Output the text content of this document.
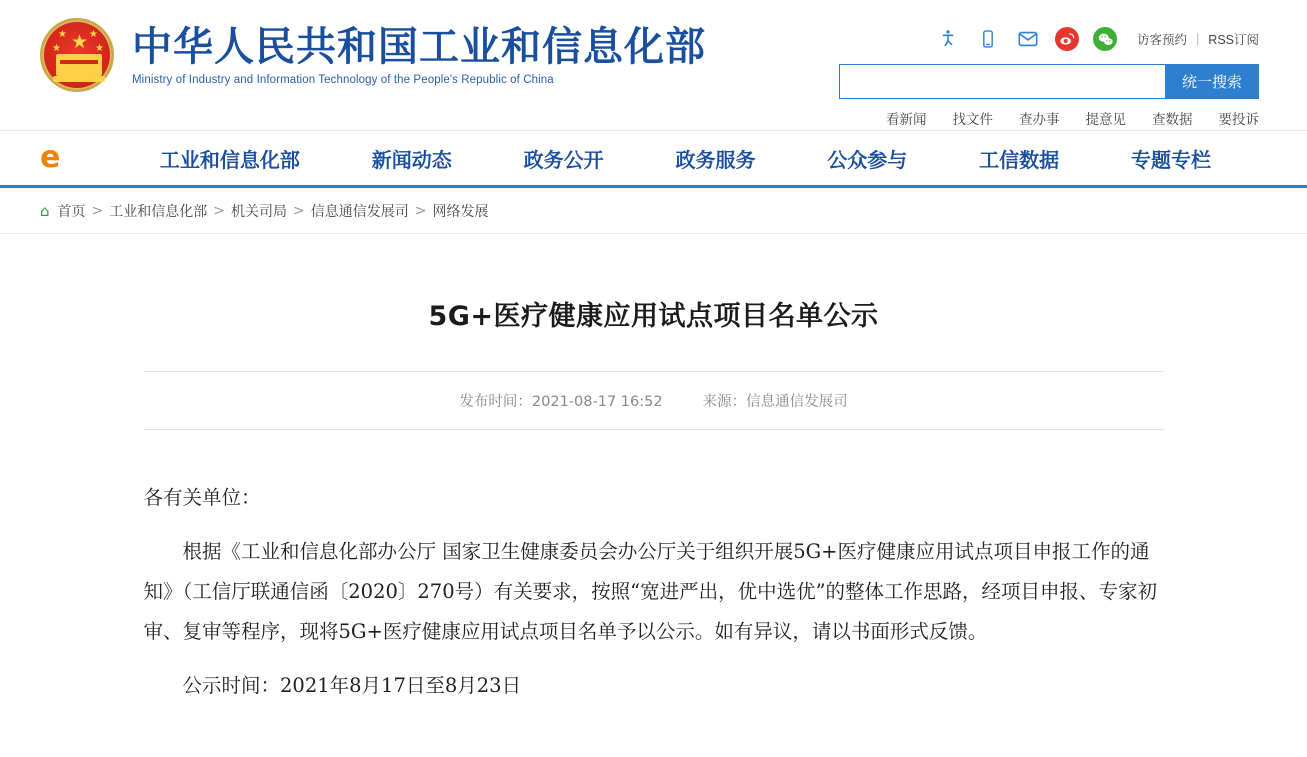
★
★ ★
★	★ 中华人民共和国工业和信息化部
Ministry of Industry and Information Technology of the People's Republic of China
访客预约 | RSS订阅
统一搜索
看新闻 找文件 查办事 提意见 查数据 要投诉
e	工业和信息化部	新闻动态	政务公开	政务服务	公众参与	工信数据	专题专栏
⌂ 首页 > 工业和信息化部 > 机关司局 > 信息通信发展司 > 网络发展
5G+医疗健康应用试点项目名单公示
发布时间：2021-08-17 16:52	来源：信息通信发展司

各有关单位：

根据《工业和信息化部办公厅 国家卫生健康委员会办公厅关于组织开展5G+医疗健康应用试点项目申报工作的通知》（工信厅联通信函〔2020〕270号）有关要求，按照“宽进严出，优中选优”的整体工作思路，经项目申报、专家初审、复审等程序，现将5G+医疗健康应用试点项目名单予以公示。如有异议，请以书面形式反馈。

公示时间：2021年8月17日至8月23日
